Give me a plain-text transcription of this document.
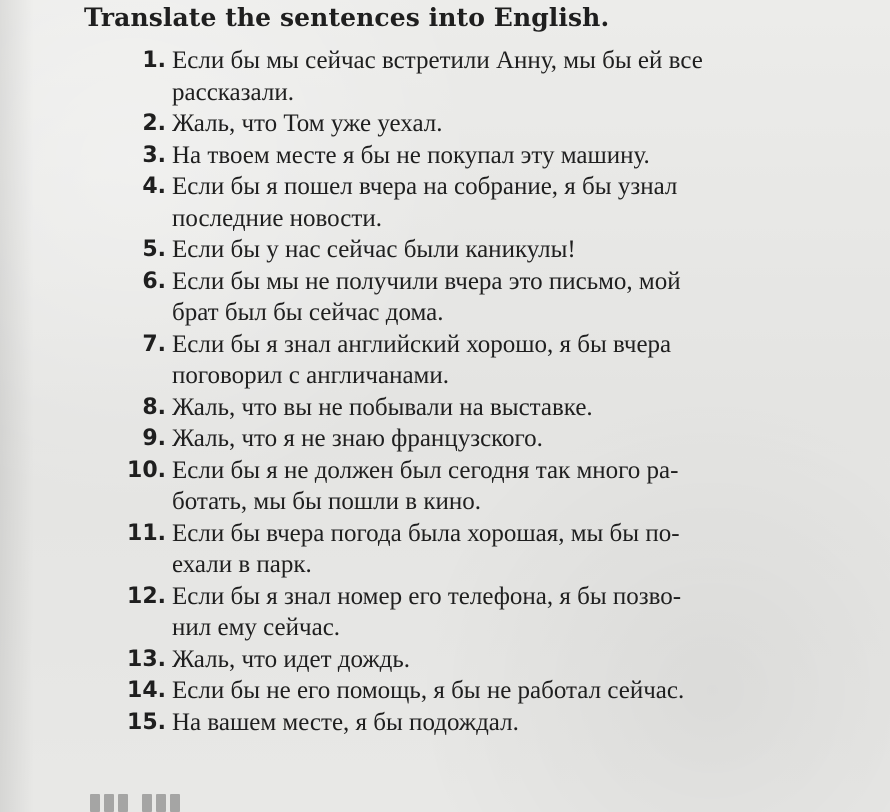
Translate the sentences into English.
1. Если бы мы сейчас встретили Анну, мы бы ей все
рассказали.
2. Жаль, что Том уже уехал.
3. На твоем месте я бы не покупал эту машину.
4. Если бы я пошел вчера на собрание, я бы узнал
последние новости.
5. Если бы у нас сейчас были каникулы!
6. Если бы мы не получили вчера это письмо, мой
брат был бы сейчас дома.
7. Если бы я знал английский хорошо, я бы вчера
поговорил с англичанами.
8. Жаль, что вы не побывали на выставке.
9. Жаль, что я не знаю французского.
10. Если бы я не должен был сегодня так много ра-
ботать, мы бы пошли в кино.
11. Если бы вчера погода была хорошая, мы бы по-
ехали в парк.
12. Если бы я знал номер его телефона, я бы позво-
нил ему сейчас.
13. Жаль, что идет дождь.
14. Если бы не его помощь, я бы не работал сейчас.
15. На вашем месте, я бы подождал.
